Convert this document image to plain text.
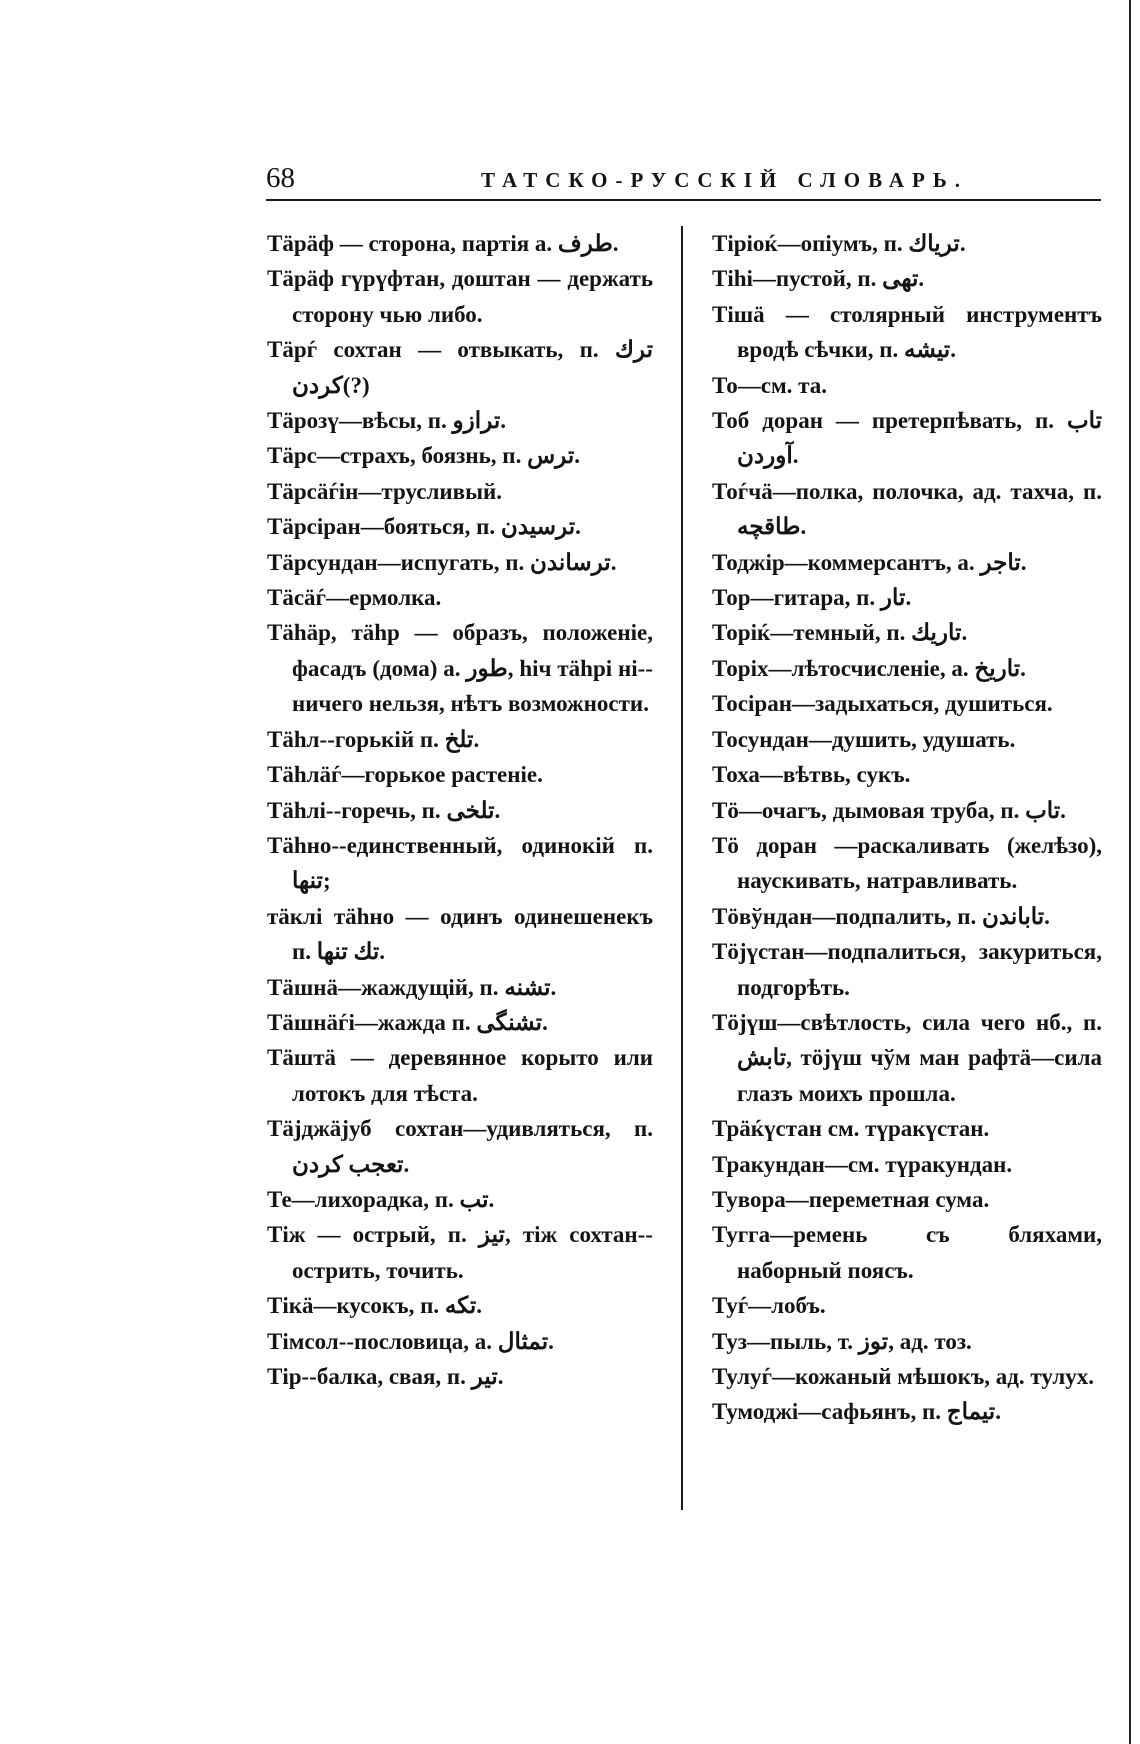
68	ТАТСКО-РУССКІЙ СЛОВАРЬ.
Тäрäф — сторона, партія а. طرف.
Тäрäф гүрүфтан, доштан — держать сторону чью либо.
Тäрѓ сохтан — отвыкать, п. ترك كردن(?)
Тäрозү—вѣсы, п. ترازو.
Тäрс—страхъ, боязнь, п. ترس.
Тäрсäѓін—трусливый.
Тäрсіран—бояться, п. ترسيدن.
Тäрсундан—испугать, п. ترساندن.
Тäсäѓ—ермолка.
Тäһäр, тäһр — образъ, положеніе, фасадъ (дома) а. طور, һіч тäһрі ні--ничего нельзя, нѣтъ возможности.
Тäһл--горькій п. تلخ.
Тäһлäѓ—горькое растеніе.
Тäһлі--горечь, п. تلخى.
Тäһно--единственный, одинокій п. تنها;
тäклі тäһно — одинъ одинешенекъ п. تك تنها.
Тäшнä—жаждущій, п. تشنه.
Тäшнäѓі—жажда п. تشنگى.
Тäштä — деревянное корыто или лотокъ для тѣста.
Тäјджäјуб сохтан—удивляться, п. تعجب كردن.
Те—лихорадка, п. تب.
Тіж — острый, п. تيز, тіж сохтан--острить, точить.
Тікä—кусокъ, п. تكه.
Тімсол--пословица, а. تمثال.
Тір--балка, свая, п. تير.
Тіріоќ—опіумъ, п. ترياك.
Тіһі—пустой, п. تهى.
Тішä — столярный инструментъ вродѣ сѣчки, п. تيشه.
То—см. та.
Тоб доран — претерпѣвать, п. تاب آوردن.
Тоѓчä—полка, полочка, ад. тахча, п. طاقچه.
Тоджір—коммерсантъ, а. تاجر.
Тор—гитара, п. تار.
Торіќ—темный, п. تاريك.
Торіх—лѣтосчисленіе, а. تاريخ.
Тосіран—задыхаться, душиться.
Тосундан—душить, удушать.
Тоха—вѣтвь, сукъ.
Тö—очагъ, дымовая труба, п. تاب.
Тö доран —раскаливать (желѣзо), наускивать, натравливать.
Тöвўндан—подпалить, п. تاباندن.
Тöјүстан—подпалиться, закуриться, подгорѣть.
Тöјүш—свѣтлость, сила чего нб., п. تابش, тöјүш чўм ман рафтä—сила глазъ моихъ прошла.
Трäќүстан см. түракүстан.
Тракундан—см. түракундан.
Тувора—переметная сума.
Тугга—ремень съ бляхами, наборный поясъ.
Туѓ—лобъ.
Туз—пыль, т. توز, ад. тоз.
Тулуѓ—кожаный мѣшокъ, ад. тулух.
Тумоджі—сафьянъ, п. تيماج.
